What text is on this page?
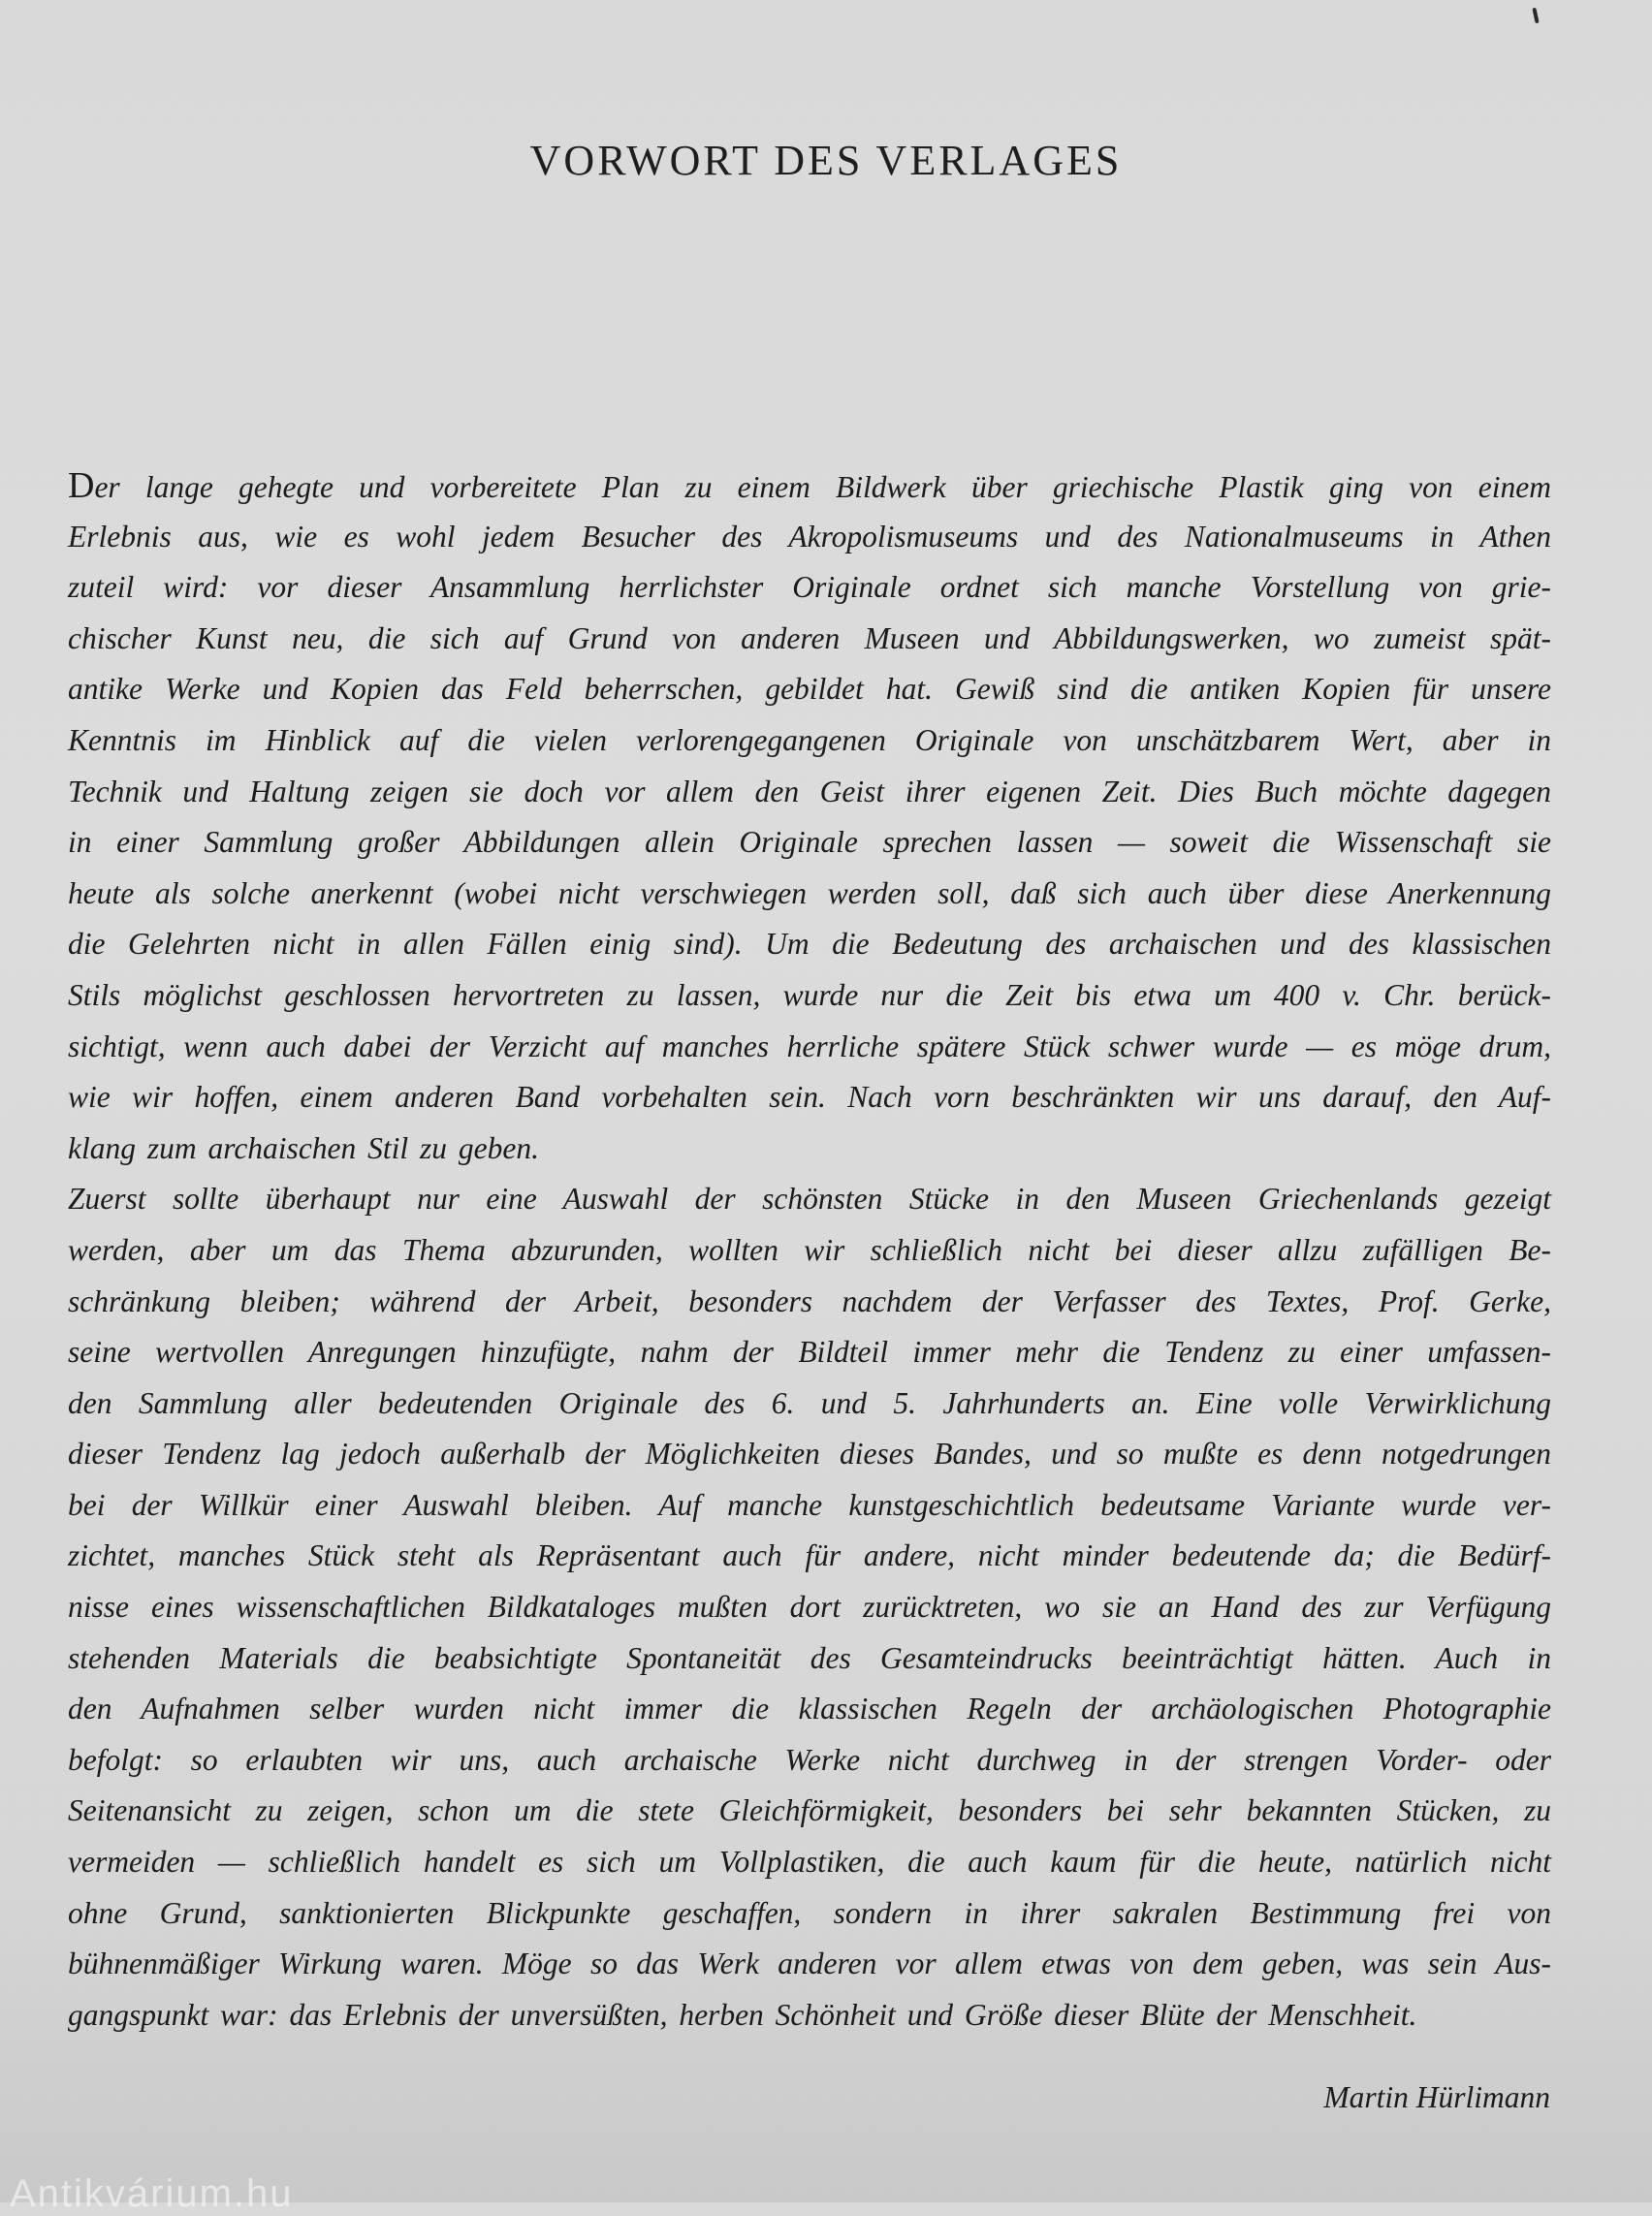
VORWORT DES VERLAGES
Der lange gehegte und vorbereitete Plan zu einem Bildwerk über griechische Plastik ging von einem
Erlebnis aus, wie es wohl jedem Besucher des Akropolismuseums und des Nationalmuseums in Athen
zuteil wird: vor dieser Ansammlung herrlichster Originale ordnet sich manche Vorstellung von grie-
chischer Kunst neu, die sich auf Grund von anderen Museen und Abbildungswerken, wo zumeist spät-
antike Werke und Kopien das Feld beherrschen, gebildet hat. Gewiß sind die antiken Kopien für unsere
Kenntnis im Hinblick auf die vielen verlorengegangenen Originale von unschätzbarem Wert, aber in
Technik und Haltung zeigen sie doch vor allem den Geist ihrer eigenen Zeit. Dies Buch möchte dagegen
in einer Sammlung großer Abbildungen allein Originale sprechen lassen — soweit die Wissenschaft sie
heute als solche anerkennt (wobei nicht verschwiegen werden soll, daß sich auch über diese Anerkennung
die Gelehrten nicht in allen Fällen einig sind). Um die Bedeutung des archaischen und des klassischen
Stils möglichst geschlossen hervortreten zu lassen, wurde nur die Zeit bis etwa um 400 v. Chr. berück-
sichtigt, wenn auch dabei der Verzicht auf manches herrliche spätere Stück schwer wurde — es möge drum,
wie wir hoffen, einem anderen Band vorbehalten sein. Nach vorn beschränkten wir uns darauf, den Auf-
klang zum archaischen Stil zu geben.
Zuerst sollte überhaupt nur eine Auswahl der schönsten Stücke in den Museen Griechenlands gezeigt
werden, aber um das Thema abzurunden, wollten wir schließlich nicht bei dieser allzu zufälligen Be-
schränkung bleiben; während der Arbeit, besonders nachdem der Verfasser des Textes, Prof. Gerke,
seine wertvollen Anregungen hinzufügte, nahm der Bildteil immer mehr die Tendenz zu einer umfassen-
den Sammlung aller bedeutenden Originale des 6. und 5. Jahrhunderts an. Eine volle Verwirklichung
dieser Tendenz lag jedoch außerhalb der Möglichkeiten dieses Bandes, und so mußte es denn notgedrungen
bei der Willkür einer Auswahl bleiben. Auf manche kunstgeschichtlich bedeutsame Variante wurde ver-
zichtet, manches Stück steht als Repräsentant auch für andere, nicht minder bedeutende da; die Bedürf-
nisse eines wissenschaftlichen Bildkataloges mußten dort zurücktreten, wo sie an Hand des zur Verfügung
stehenden Materials die beabsichtigte Spontaneität des Gesamteindrucks beeinträchtigt hätten. Auch in
den Aufnahmen selber wurden nicht immer die klassischen Regeln der archäologischen Photographie
befolgt: so erlaubten wir uns, auch archaische Werke nicht durchweg in der strengen Vorder- oder
Seitenansicht zu zeigen, schon um die stete Gleichförmigkeit, besonders bei sehr bekannten Stücken, zu
vermeiden — schließlich handelt es sich um Vollplastiken, die auch kaum für die heute, natürlich nicht
ohne Grund, sanktionierten Blickpunkte geschaffen, sondern in ihrer sakralen Bestimmung frei von
bühnenmäßiger Wirkung waren. Möge so das Werk anderen vor allem etwas von dem geben, was sein Aus-
gangspunkt war: das Erlebnis der unversüßten, herben Schönheit und Größe dieser Blüte der Menschheit.
Martin Hürlimann
Antikvárium.hu
